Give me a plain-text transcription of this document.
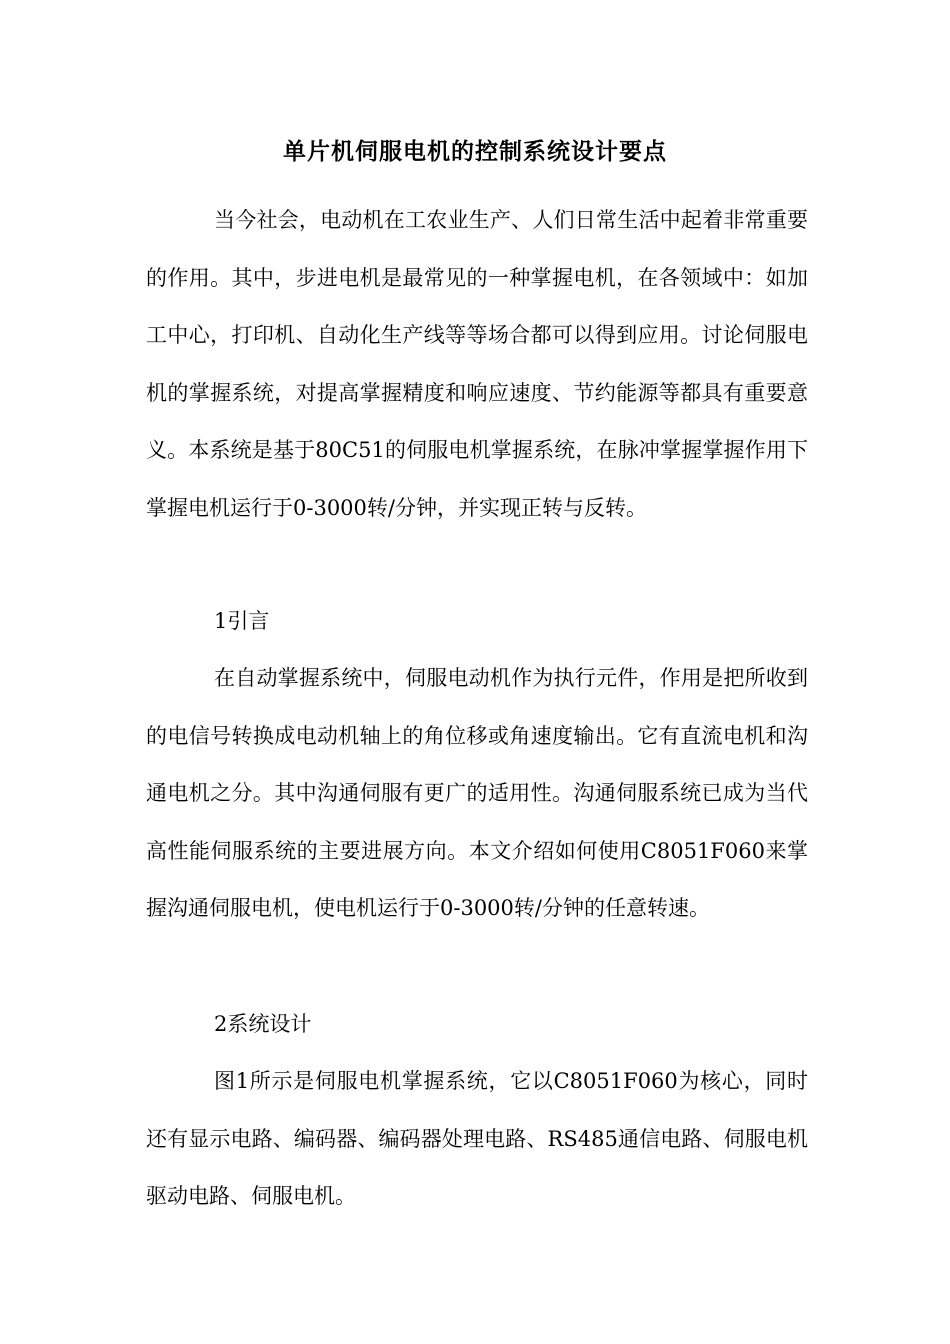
单片机伺服电机的控制系统设计要点

当今社会，电动机在工农业生产、人们日常生活中起着非常重要的作用。其中，步进电机是最常见的一种掌握电机，在各领域中：如加工中心，打印机、自动化生产线等等场合都可以得到应用。讨论伺服电机的掌握系统，对提高掌握精度和响应速度、节约能源等都具有重要意义。本系统是基于80C51的伺服电机掌握系统，在脉冲掌握掌握作用下掌握电机运行于0-3000转/分钟，并实现正转与反转。

1引言

在自动掌握系统中，伺服电动机作为执行元件，作用是把所收到的电信号转换成电动机轴上的角位移或角速度输出。它有直流电机和沟通电机之分。其中沟通伺服有更广的适用性。沟通伺服系统已成为当代高性能伺服系统的主要进展方向。本文介绍如何使用C8051F060来掌握沟通伺服电机，使电机运行于0-3000转/分钟的任意转速。

2系统设计

图1所示是伺服电机掌握系统，它以C8051F060为核心，同时还有显示电路、编码器、编码器处理电路、RS485通信电路、伺服电机驱动电路、伺服电机。
